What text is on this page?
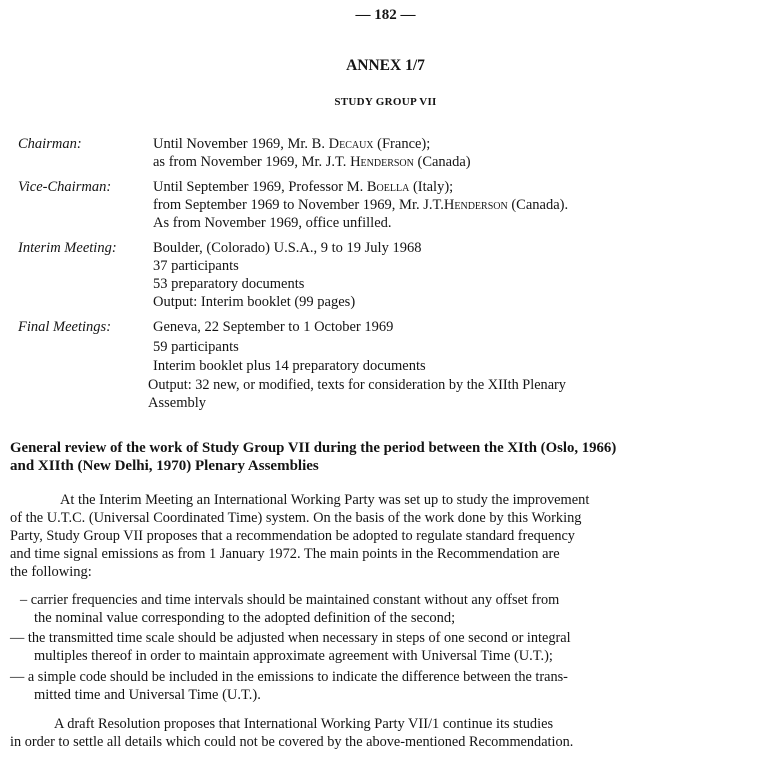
— 182 —
ANNEX 1/7
STUDY GROUP VII
Chairman:	Until November 1969, Mr. B. Decaux (France);
as from November 1969, Mr. J.T. Henderson (Canada)
Vice-Chairman:	Until September 1969, Professor M. Boella (Italy);
from September 1969 to November 1969, Mr. J.T.Henderson (Canada).
As from November 1969, office unfilled.
Interim Meeting:	Boulder, (Colorado) U.S.A., 9 to 19 July 1968
37 participants
53 preparatory documents
Output: Interim booklet (99 pages)
Final Meetings:	Geneva, 22 September to 1 October 1969
59 participants
Interim booklet plus 14 preparatory documents
Output: 32 new, or modified, texts for consideration by the XIIth Plenary
Assembly
General review of the work of Study Group VII during the period between the XIth (Oslo, 1966)
and XIIth (New Delhi, 1970) Plenary Assemblies
At the Interim Meeting an International Working Party was set up to study the improvement
of the U.T.C. (Universal Coordinated Time) system. On the basis of the work done by this Working
Party, Study Group VII proposes that a recommendation be adopted to regulate standard frequency
and time signal emissions as from 1 January 1972. The main points in the Recommendation are
the following:
– carrier frequencies and time intervals should be maintained constant without any offset from
the nominal value corresponding to the adopted definition of the second;
— the transmitted time scale should be adjusted when necessary in steps of one second or integral
multiples thereof in order to maintain approximate agreement with Universal Time (U.T.);
— a simple code should be included in the emissions to indicate the difference between the trans-
mitted time and Universal Time (U.T.).
A draft Resolution proposes that International Working Party VII/1 continue its studies
in order to settle all details which could not be covered by the above-mentioned Recommendation.
